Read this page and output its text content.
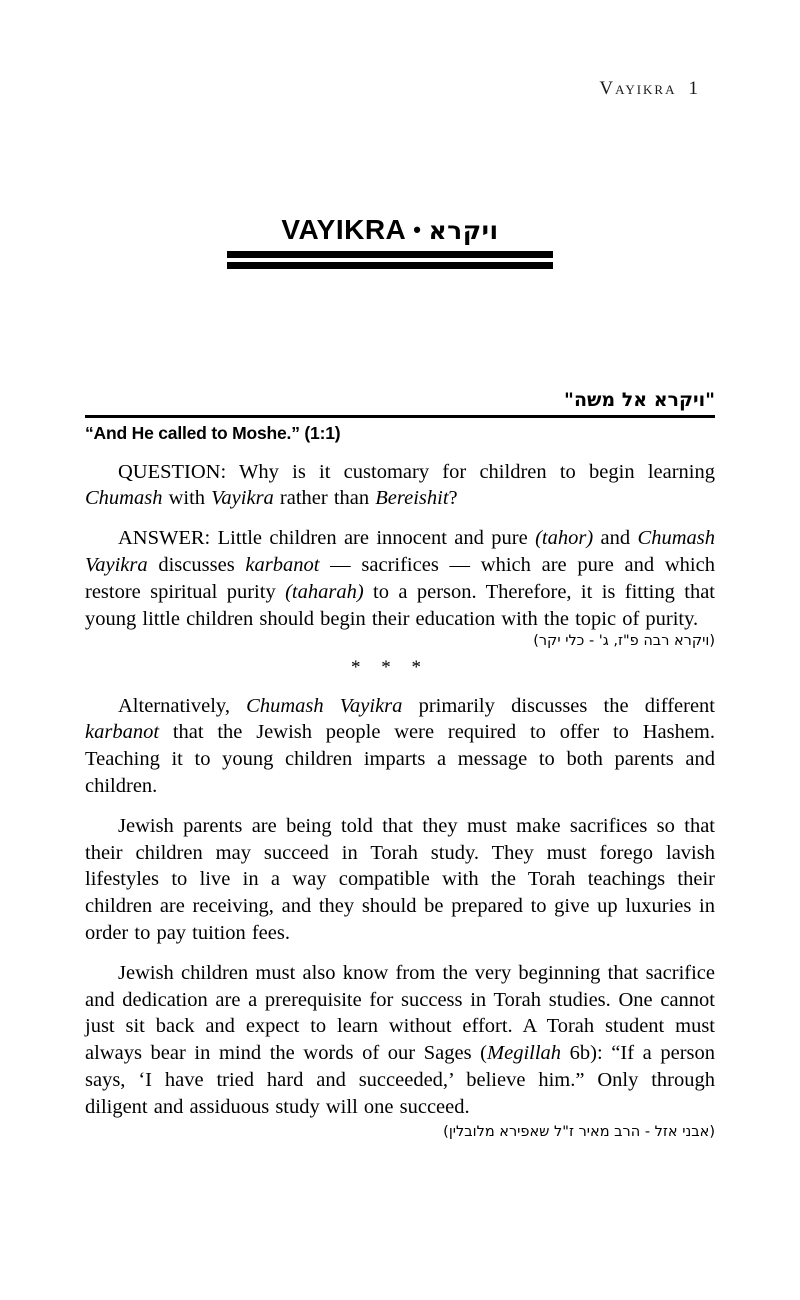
Vayikra 1
VAYIKRA • ויקרא
"ויקרא אל משה"
“And He called to Moshe.” (1:1)

QUESTION: Why is it customary for children to begin learning Chumash with Vayikra rather than Bereishit?

ANSWER: Little children are innocent and pure (tahor) and Chumash Vayikra discusses karbanot — sacrifices — which are pure and which restore spiritual purity (taharah) to a person. Therefore, it is fitting that young little children should begin their education with the topic of purity.

(ויקרא רבה פ"ז, ג' - כלי יקר)
* * *

Alternatively, Chumash Vayikra primarily discusses the different karbanot that the Jewish people were required to offer to Hashem. Teaching it to young children imparts a message to both parents and children.

Jewish parents are being told that they must make sacrifices so that their children may succeed in Torah study. They must forego lavish lifestyles to live in a way compatible with the Torah teachings their children are receiving, and they should be prepared to give up luxuries in order to pay tuition fees.

Jewish children must also know from the very beginning that sacrifice and dedication are a prerequisite for success in Torah studies. One cannot just sit back and expect to learn without effort. A Torah student must always bear in mind the words of our Sages (Megillah 6b): “If a person says, ‘I have tried hard and succeeded,’ believe him.” Only through diligent and assiduous study will one succeed.

(אבני אזל - הרב מאיר ז"ל שאפירא מלובלין)
